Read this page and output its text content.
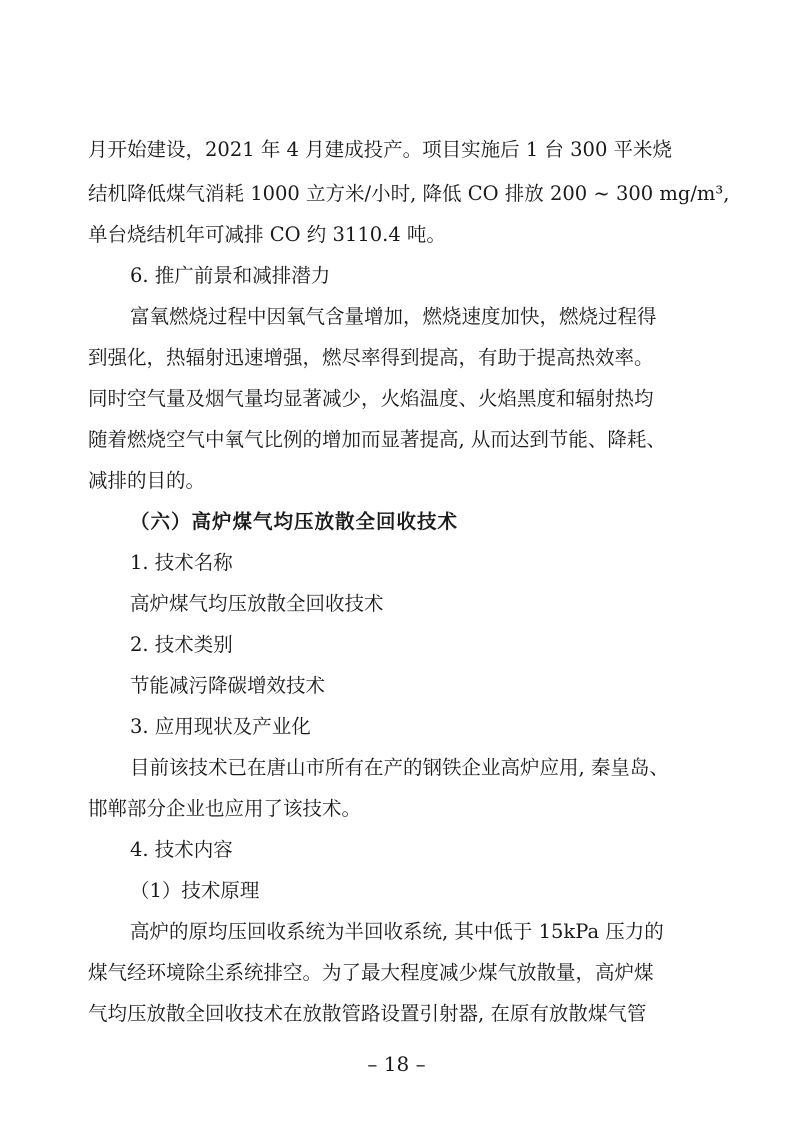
月开始建设，2021 年 4 月建成投产。项目实施后 1 台 300 平米烧
结机降低煤气消耗 1000 立方米/小时, 降低 CO 排放 200 ~ 300 mg/m³,
单台烧结机年可减排 CO 约 3110.4 吨。
6. 推广前景和减排潜力
富氧燃烧过程中因氧气含量增加，燃烧速度加快，燃烧过程得
到强化，热辐射迅速增强，燃尽率得到提高，有助于提高热效率。
同时空气量及烟气量均显著减少，火焰温度、火焰黑度和辐射热均
随着燃烧空气中氧气比例的增加而显著提高, 从而达到节能、降耗、
减排的目的。
（六）高炉煤气均压放散全回收技术
1. 技术名称
高炉煤气均压放散全回收技术
2. 技术类别
节能减污降碳增效技术
3. 应用现状及产业化
目前该技术已在唐山市所有在产的钢铁企业高炉应用, 秦皇岛、
邯郸部分企业也应用了该技术。
4. 技术内容
（1）技术原理
高炉的原均压回收系统为半回收系统, 其中低于 15kPa 压力的
煤气经环境除尘系统排空。为了最大程度减少煤气放散量，高炉煤
气均压放散全回收技术在放散管路设置引射器, 在原有放散煤气管
– 18 –
